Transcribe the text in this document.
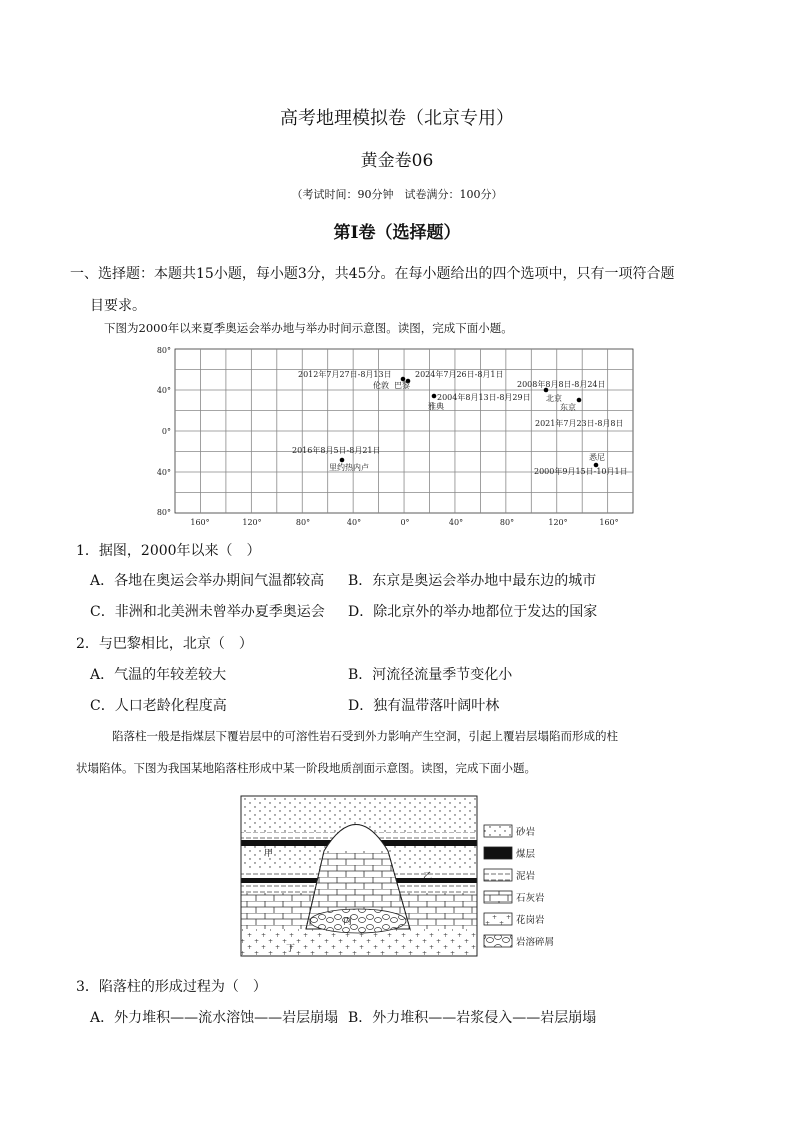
高考地理模拟卷（北京专用）
黄金卷06
（考试时间：90分钟　试卷满分：100分）
第Ⅰ卷（选择题）
一、选择题：本题共15小题，每小题3分，共45分。在每小题给出的四个选项中，只有一项符合题
目要求。
下图为2000年以来夏季奥运会举办地与举办时间示意图。读图，完成下面小题。
80°
40°
0°
40°
80°
160°	120°	80°	40°	0°	40°	80°	120°	160°
2012年7月27日-8月13日
伦敦
2024年7月26日-8月1日
巴黎
2004年8月13日-8月29日
雅典
2008年8月8日-8月24日
北京
东京
2021年7月23日-8月8日
2016年8月5日-8月21日
里约热内卢
悉尼
2000年9月15日-10月1日
1．据图，2000年以来（　）
A．各地在奥运会举办期间气温都较高 B．东京是奥运会举办地中最东边的城市
C．非洲和北美洲未曾举办夏季奥运会 D．除北京外的举办地都位于发达的国家
2．与巴黎相比，北京（　）
A．气温的年较差较大	B．河流径流量季节变化小
C．人口老龄化程度高	D．独有温带落叶阔叶林
陷落柱一般是指煤层下覆岩层中的可溶性岩石受到外力影响产生空洞，引起上覆岩层塌陷而形成的柱
状塌陷体。下图为我国某地陷落柱形成中某一阶段地质剖面示意图。读图，完成下面小题。
甲
乙
丙
丁
砂岩
煤层
泥岩
石灰岩
花岗岩
岩溶碎屑
3．陷落柱的形成过程为（　）
A．外力堆积——流水溶蚀——岩层崩塌 B．外力堆积——岩浆侵入——岩层崩塌
